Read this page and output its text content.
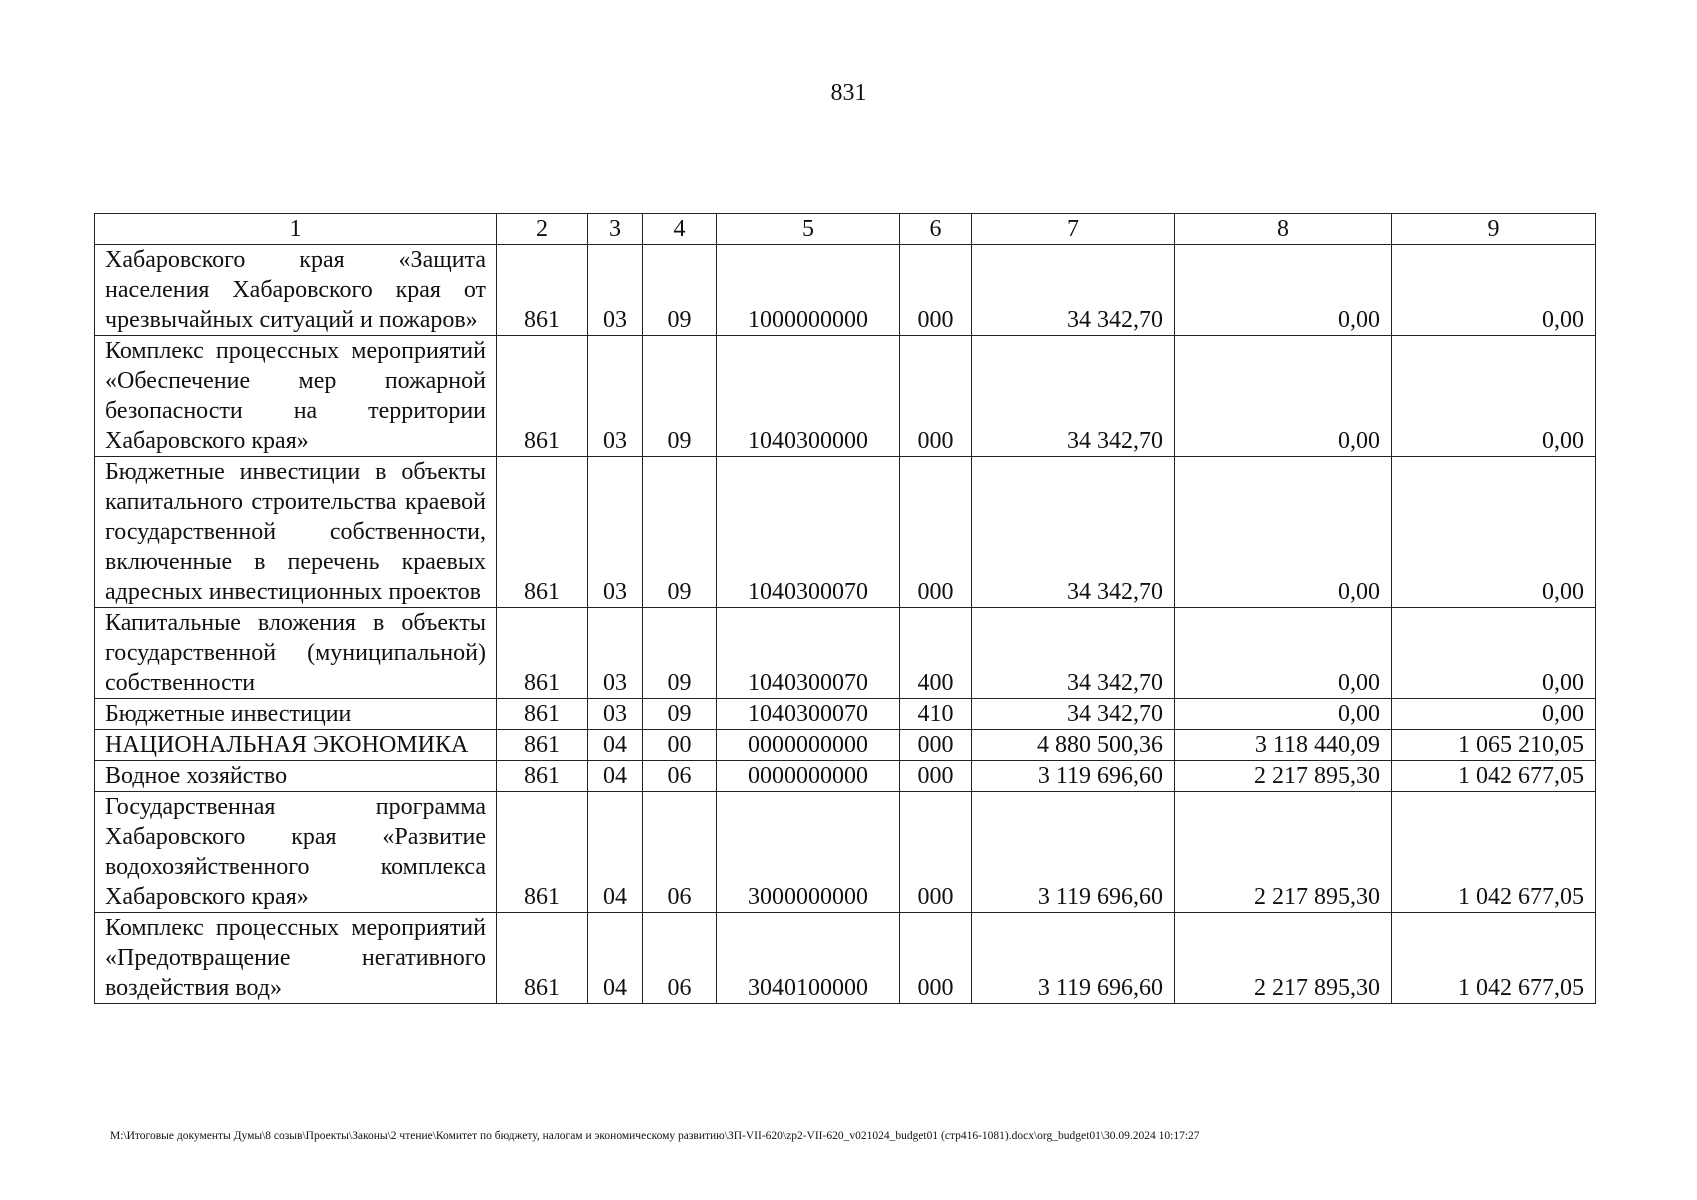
831
1	2	3	4	5	6	7	8	9
Хабаровского края «Защита населения Хабаровского края от чрезвычайных ситуаций и пожаров»	861	03	09	1000000000	000	34 342,70	0,00	0,00
Комплекс процессных мероприятий «Обеспечение мер пожарной безопасности на территории Хабаровского края»	861	03	09	1040300000	000	34 342,70	0,00	0,00
Бюджетные инвестиции в объекты капитального строительства краевой государственной собственности, включенные в перечень краевых адресных инвестиционных проектов	861	03	09	1040300070	000	34 342,70	0,00	0,00
Капитальные вложения в объекты государственной (муниципальной) собственности	861	03	09	1040300070	400	34 342,70	0,00	0,00
Бюджетные инвестиции	861	03	09	1040300070	410	34 342,70	0,00	0,00
НАЦИОНАЛЬНАЯ ЭКОНОМИКА	861	04	00	0000000000	000	4 880 500,36	3 118 440,09	1 065 210,05
Водное хозяйство	861	04	06	0000000000	000	3 119 696,60	2 217 895,30	1 042 677,05
Государственная программа Хабаровского края «Развитие водохозяйственного комплекса Хабаровского края»	861	04	06	3000000000	000	3 119 696,60	2 217 895,30	1 042 677,05
Комплекс процессных мероприятий «Предотвращение негативного воздействия вод»	861	04	06	3040100000	000	3 119 696,60	2 217 895,30	1 042 677,05
M:\Итоговые документы Думы\8 созыв\Проекты\Законы\2 чтение\Комитет по бюджету, налогам и экономическому развитию\ЗП-VII-620\zp2-VII-620_v021024_budget01 (стр416-1081).docx\org_budget01\30.09.2024 10:17:27
